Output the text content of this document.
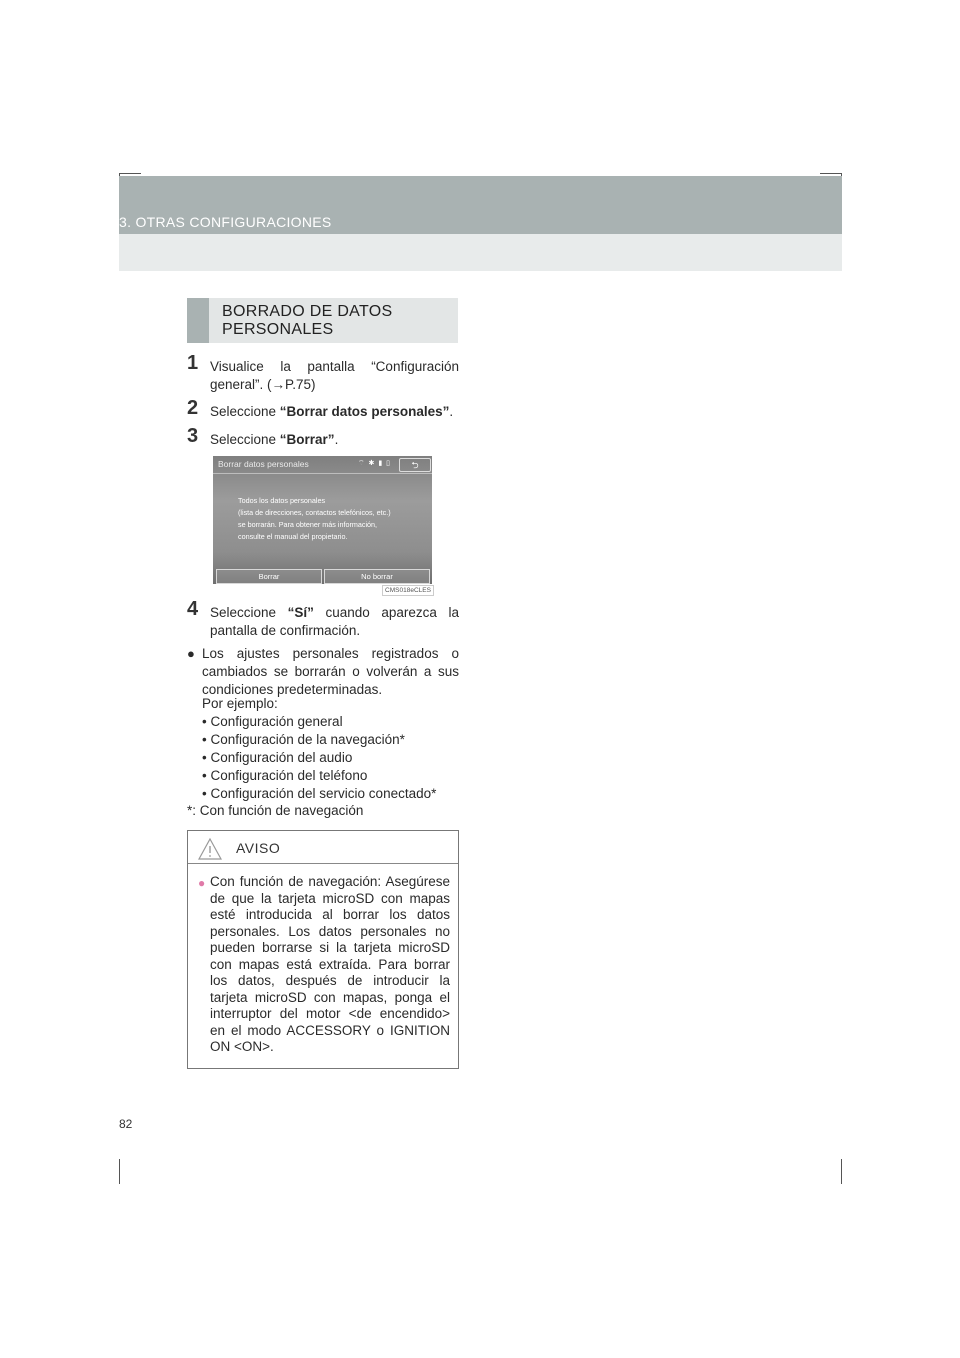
3. OTRAS CONFIGURACIONES
BORRADO DE DATOS PERSONALES
1 Visualice la pantalla “Configuración
general”. (→P.75)
2 Seleccione “Borrar datos personales”.
3 Seleccione “Borrar”.
Borrar datos personales	⌔ ✱ ▮ ▯	⮌
Todos los datos personales
(lista de direcciones, contactos telefónicos, etc.)
se borrarán. Para obtener más información,
consulte el manual del propietario.
Borrar	No borrar
CMS018eCLES
4 Seleccione “Sí” cuando aparezca la
pantalla de confirmación.
● Los ajustes personales registrados o cambiados se borrarán o volverán a sus condiciones predeterminadas.
Por ejemplo:
• Configuración general
• Configuración de la navegación*
• Configuración del audio
• Configuración del teléfono
• Configuración del servicio conectado*
*: Con función de navegación
AVISO
● Con función de navegación: Asegúrese de que la tarjeta microSD con mapas esté introducida al borrar los datos personales. Los datos personales no pueden borrarse si la tarjeta microSD con mapas está extraída. Para borrar los datos, después de introducir la tarjeta microSD con mapas, ponga el interruptor del motor <de encendido> en el modo ACCESSORY o IGNITION ON <ON>.
82
